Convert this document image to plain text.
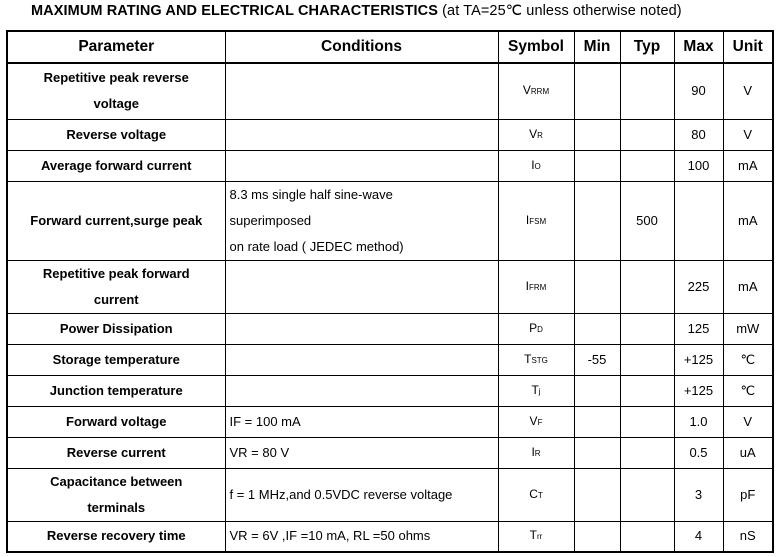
MAXIMUM RATING AND ELECTRICAL CHARACTERISTICS (at TA=25℃ unless otherwise noted)
Parameter	Conditions	Symbol	Min	Typ	Max	Unit
Repetitive peak reverse voltage		VRRM			90	V
Reverse voltage		VR			80	V
Average forward current		IO			100	mA
Forward current,surge peak	8.3 ms single half sine-wave
superimposed
on rate load ( JEDEC method)	IFSM		500		mA
Repetitive peak forward current		IFRM			225	mA
Power Dissipation		PD			125	mW
Storage temperature		TSTG	-55		+125	℃
Junction temperature		Tj			+125	℃
Forward voltage	IF = 100 mA	VF			1.0	V
Reverse current	VR = 80 V	IR			0.5	uA
Capacitance between terminals	f = 1 MHz,and 0.5VDC reverse voltage	CT			3	pF
Reverse recovery time	VR = 6V ,IF =10 mA, RL =50 ohms	Trr			4	nS
